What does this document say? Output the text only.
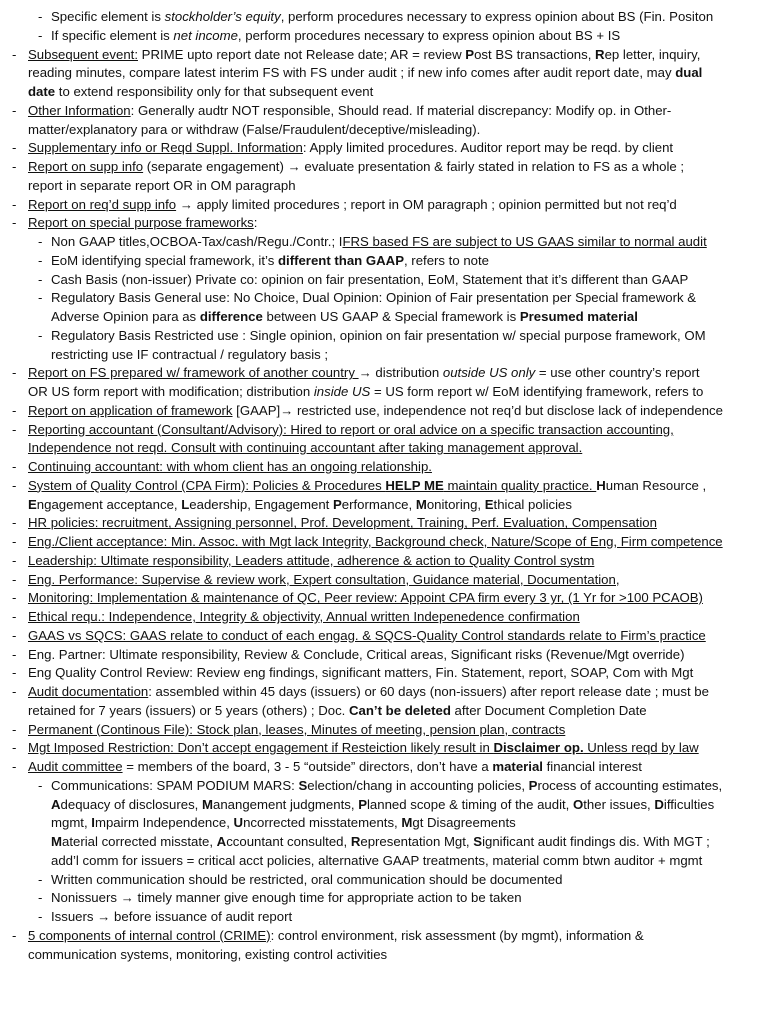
- Specific element is stockholder’s equity, perform procedures necessary to express opinion about BS (Fin. Positon
- If specific element is net income, perform procedures necessary to express opinion about BS + IS
- Subsequent event: PRIME upto report date not Release date; AR = review Post BS transactions, Rep letter, inquiry,
reading minutes, compare latest interim FS with FS under audit ; if new info comes after audit report date, may dual
date to extend responsibility only for that subsequent event
- Other Information: Generally audtr NOT responsible, Should read. If material discrepancy: Modify op. in Other-
matter/explanatory para or withdraw (False/Fraudulent/deceptive/misleading).
- Supplementary info or Reqd Suppl. Information: Apply limited procedures. Auditor report may be reqd. by client
- Report on supp info (separate engagement) → evaluate presentation & fairly stated in relation to FS as a whole ;
report in separate report OR in OM paragraph
- Report on req’d supp info → apply limited procedures ; report in OM paragraph ; opinion permitted but not req’d
- Report on special purpose frameworks:
- Non GAAP titles,OCBOA-Tax/cash/Regu./Contr.; IFRS based FS are subject to US GAAS similar to normal audit
- EoM identifying special framework, it’s different than GAAP, refers to note
- Cash Basis (non-issuer) Private co: opinion on fair presentation, EoM, Statement that it’s different than GAAP
- Regulatory Basis General use: No Choice, Dual Opinion: Opinion of Fair presentation per Special framework &
Adverse Opinion para as difference between US GAAP & Special framework is Presumed material
- Regulatory Basis Restricted use : Single opinion, opinion on fair presentation w/ special purpose framework, OM
restricting use IF contractual / regulatory basis ;
- Report on FS prepared w/ framework of another country → distribution outside US only = use other country’s report
OR US form report with modification; distribution inside US = US form report w/ EoM identifying framework, refers to
- Report on application of framework [GAAP]→ restricted use, independence not req’d but disclose lack of independence
- Reporting accountant (Consultant/Advisory): Hired to report or oral advice on a specific transaction accounting,
Independence not reqd. Consult with continuing accountant after taking management approval.
- Continuing accountant: with whom client has an ongoing relationship.
- System of Quality Control (CPA Firm): Policies & Procedures HELP ME maintain quality practice. Human Resource ,
Engagement acceptance, Leadership, Engagement Performance, Monitoring, Ethical policies
- HR policies: recruitment, Assigning personnel, Prof. Development, Training, Perf. Evaluation, Compensation
- Eng./Client acceptance: Min. Assoc. with Mgt lack Integrity, Background check, Nature/Scope of Eng, Firm competence
- Leadership: Ultimate responsibility, Leaders attitude, adherence & action to Quality Control systm
- Eng. Performance: Supervise & review work, Expert consultation, Guidance material, Documentation,
- Monitoring: Implementation & maintenance of QC, Peer review: Appoint CPA firm every 3 yr, (1 Yr for >100 PCAOB)
- Ethical requ.: Independence, Integrity & objectivity, Annual written Indepenedence confirmation
- GAAS vs SQCS: GAAS relate to conduct of each engag. & SQCS-Quality Control standards relate to Firm’s practice
- Eng. Partner: Ultimate responsibility, Review & Conclude, Critical areas, Significant risks (Revenue/Mgt override)
- Eng Quality Control Review: Review eng findings, significant matters, Fin. Statement, report, SOAP, Com with Mgt
- Audit documentation: assembled within 45 days (issuers) or 60 days (non-issuers) after report release date ; must be
retained for 7 years (issuers) or 5 years (others) ; Doc. Can’t be deleted after Document Completion Date
- Permanent (Continous File): Stock plan, leases, Minutes of meeting, pension plan, contracts
- Mgt Imposed Restriction: Don’t accept engagement if Resteiction likely result in Disclaimer op. Unless reqd by law
- Audit committee = members of the board, 3 - 5 “outside” directors, don’t have a material financial interest
- Communications: SPAM PODIUM MARS: Selection/chang in accounting policies, Process of accounting estimates,
Adequacy of disclosures, Manangement judgments, Planned scope & timing of the audit, Other issues, Difficulties
mgmt, Impairm Independence, Uncorrected misstatements, Mgt Disagreements
Material corrected misstate, Accountant consulted, Representation Mgt, Significant audit findings dis. With MGT ;
add’l comm for issuers = critical acct policies, alternative GAAP treatments, material comm btwn auditor + mgmt
- Written communication should be restricted, oral communication should be documented
- Nonissuers → timely manner give enough time for appropriate action to be taken
- Issuers → before issuance of audit report
- 5 components of internal control (CRIME): control environment, risk assessment (by mgmt), information &
communication systems, monitoring, existing control activities
